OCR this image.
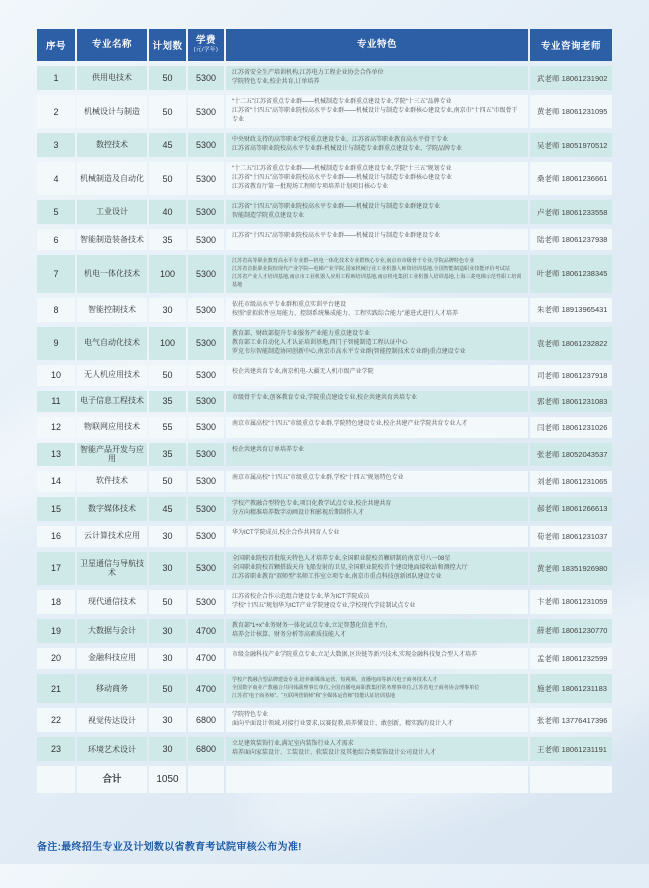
序号	专业名称	计划数
学费
(元/学年)
专业特色	专业咨询老师
1	供用电技术	50	5300	江苏省安全生产培训机构,江苏电力工程企业协会合作单位
学院特色专业,校企共育,订单培养	武老师 18061231902
2	机械设计与制造	50	5300
“十二五”江苏省重点专业群——机械制造专业群重点建设专业,学院“十三五”品牌专业
江苏省“十四五”高等职业院校高水平专业群——机械设计与制造专业群核心建设专业,南京市“十四五”市级骨干专业
黄老师 18061231095
3	数控技术	45	5300	中央财政支持的高等职业学校重点建设专业、江苏省高等职业教育高水平骨干专业
江苏省高等职业院校高水平专业群-机械设计与制造专业群重点建设专业、学院品牌专业	吴老师 18051970512
4	机械制造及自动化	50	5300
“十二五”江苏省重点专业群——机械制造专业群重点建设专业,学院“十三五”规划专业
江苏省“十四五”高等职业院校高水平专业群——机械设计与制造专业群核心建设专业
江苏省教育厅第一批现场工程师专项培养计划项目核心专业
桑老师 18061236661
5	工业设计	40	5300	江苏省“十四五”高等职业院校高水平专业群——机械设计与制造专业群建设专业
智能制造学院重点建设专业	卢老师 18061233558
6	智能制造装备技术	35	5300	江苏省“十四五”高等职业院校高水平专业群——机械设计与制造专业群建设专业	陆老师 18061237938
7	机电一体化技术	100	5300
江苏省高等职业教育高水平专业群—机电一体化技术专业群核心专业,南京市市级骨干专业,学院品牌特色专业
江苏省首批职业院校现代产业学院—电梯产业学院,国家机械行业工业机器人师资培训基地,全国智能制造职业技能评价考试站
江苏省产业人才培训基地,南京市工业机器人应用工程师培训基地,南京机电集团工业机器人培训基地,上海三菱电梯示范性职工培训基地
叶老师 18061238345
8	智能控制技术	30	5300	依托市级高水平专业群和重点实训平台建设
按照“虚拟软件应用能力、控制系统集成能力、工程实践综合能力”递进式进行人才培养	朱老师 18913965431
9	电气自动化技术	100	5300
教育部、财政部提升专业服务产业能力重点建设专业
教育部工业自动化人才认证培训基地,西门子智能制造工程认证中心
罗克韦尔智能制造协同创新中心,南京市高水平专业群(智能控制技术专业群)重点建设专业
袁老师 18061232822
10	无人机应用技术	50	5300	校企共建共育专业,南京机电-大疆无人机市级产业学院	司老师 18061237918
11	电子信息工程技术	35	5300	市级骨干专业,创客教育专业,学院重点建设专业,校企共建共育共培专业	郭老师 18061231083
12	物联网应用技术	55	5300	南京市属高校“十四五”市级重点专业群,学院特色建设专业,校企共建产业学院共育专业人才	闫老师 18061231026
13
智能产品开发与应用	35	5300	校企共建共育订单培养专业
张老师 18052043537
14	软件技术	50	5300	南京市属高校“十四五”市级重点专业群,学校“十四五”规划特色专业	刘老师 18061231065
15	数字媒体技术	45	5300	学校产教融合型特色专业,项目化教学试点专业,校企共建共育
分方向精准培养数字动画设计和影视后期制作人才	郝老师 18061266613
16	云计算技术应用	30	5300	华为ICT学院成员,校企合作共同育人专业	荀老师 18061231037
17
卫星通信与导航技术	30	5300
全国职业院校首批航天特色人才培养专业,全国职业院校首颗研制的南京号八一08星
全国职业院校首颗搭载天舟飞船发射的卫星,全国职业院校首个建设地面接收站和测控大厅
江苏省职业教育“双师型”名师工作室立项专业,南京市重点科技创新团队建设专业
黄老师 18351926980
18	现代通信技术	50	5300	江苏省校企合作示范组合建设专业,华为ICT学院成员
学校“十四五”规划华为ICT产业学院建设专业,学校现代学徒制试点专业	卞老师 18061231059
19	大数据与会计	30	4700	教育部“1+x”业务财务一体化试点专业,立足智慧化信息平台,
培养会计核算、财务分析等高素质技能人才	薛老师 18061230770
20	金融科技应用	30	4700	市级金融科技产业学院重点专业,立足大数据,区块链等新兴技术,实现金融科技复合型人才培养	孟老师 18061232599
21	移动商务	50	4700
学校产教融合型品牌建设专业,培养新媒体运营、短视频、直播电商等新兴电子商务技术人才
全国数字商业产教融合共同体副理事长单位,全国直播电商职教集团常务理事单位,江苏省电子商务协会理事单位
江苏省“电子商务师”、“互联网营销师”和“全媒体运营师”技能认证培训基地
施老师 18061231183
22	视觉传达设计	30	6800	学院特色专业
面向平面设计领域,对接行业要求,以赛促教,培养懂设计、敢创新、精实践的设计人才	张老师 13776417396
23	环境艺术设计	30	6800	立足建筑装饰行业,满足室内装饰行业人才需求
培养面向家装设计、工装设计、软装设计及其他综合类装饰设计公司设计人才	王老师 18061231191
合计	1050
备注:最终招生专业及计划数以省教育考试院审核公布为准!
